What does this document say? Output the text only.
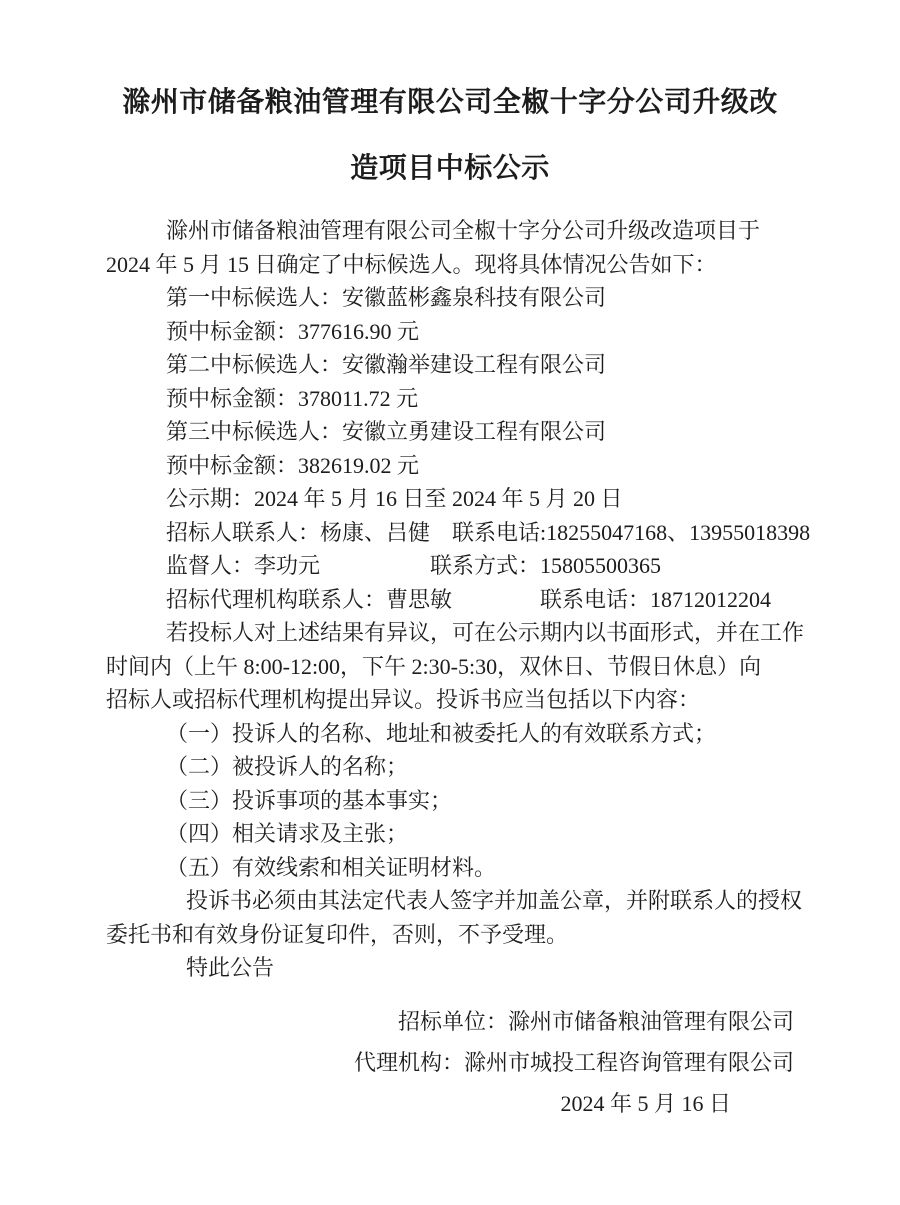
滁州市储备粮油管理有限公司全椒十字分公司升级改
造项目中标公示
滁州市储备粮油管理有限公司全椒十字分公司升级改造项目于
2024 年 5 月 15 日确定了中标候选人。现将具体情况公告如下：
第一中标候选人：安徽蓝彬鑫泉科技有限公司
预中标金额：377616.90 元
第二中标候选人：安徽瀚举建设工程有限公司
预中标金额：378011.72 元
第三中标候选人：安徽立勇建设工程有限公司
预中标金额：382619.02 元
公示期：2024 年 5 月 16 日至 2024 年 5 月 20 日
招标人联系人：杨康、吕健　联系电话:18255047168、13955018398
监督人：李功元　　　　　联系方式：15805500365
招标代理机构联系人：曹思敏　　　　联系电话：18712012204
若投标人对上述结果有异议，可在公示期内以书面形式，并在工作
时间内（上午 8:00-12:00，下午 2:30-5:30，双休日、节假日休息）向
招标人或招标代理机构提出异议。投诉书应当包括以下内容：
（一）投诉人的名称、地址和被委托人的有效联系方式；
（二）被投诉人的名称；
（三）投诉事项的基本事实；
（四）相关请求及主张；
（五）有效线索和相关证明材料。
投诉书必须由其法定代表人签字并加盖公章，并附联系人的授权
委托书和有效身份证复印件，否则，不予受理。
特此公告
招标单位：滁州市储备粮油管理有限公司
代理机构：滁州市城投工程咨询管理有限公司
2024 年 5 月 16 日
